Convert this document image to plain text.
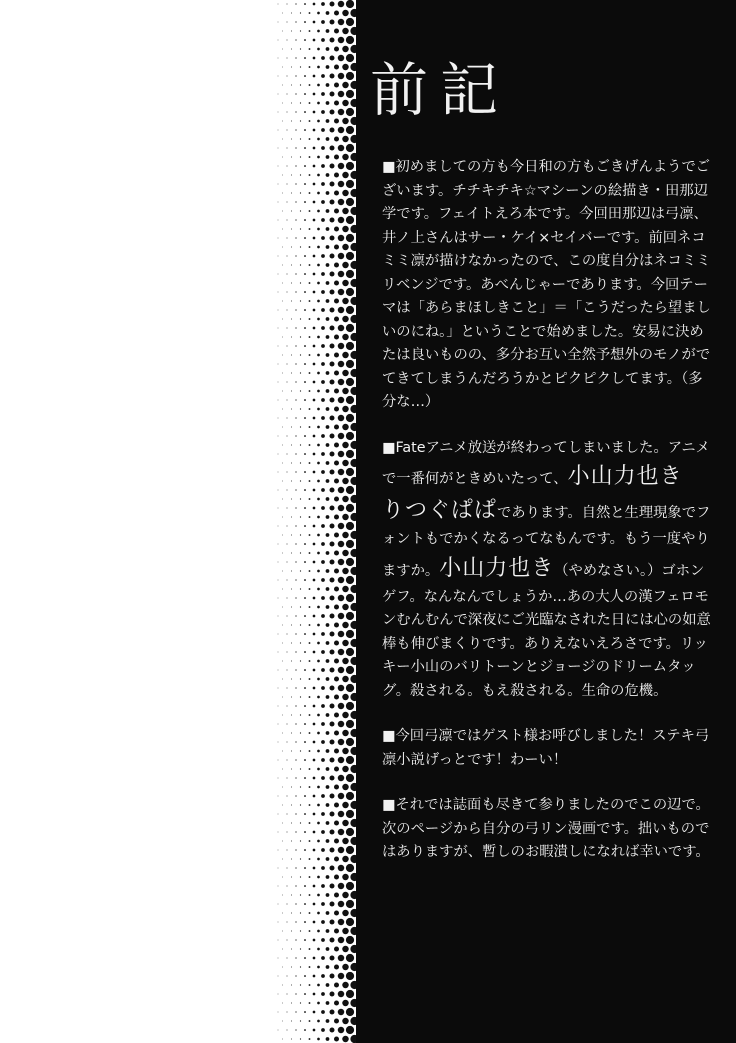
前記

■初めましての方も今日和の方もごきげんようでございます。チチキチキ☆マシーンの絵描き・田那辺学です。フェイトえろ本です。今回田那辺は弓凛、井ノ上さんはサー・ケイ×セイバーです。前回ネコミミ凛が描けなかったので、この度自分はネコミミリベンジです。あべんじゃーであります。今回テーマは「あらまほしきこと」＝「こうだったら望ましいのにね。」ということで始めました。安易に決めたは良いものの、多分お互い全然予想外のモノがでてきてしまうんだろうかとピクピクしてます。（多分な…）

■Fateアニメ放送が終わってしまいました。アニメで一番何がときめいたって、小山力也き りつぐぱぱであります。自然と生理現象でフォントもでかくなるってなもんです。もう一度やりますか。小山力也き（やめなさい。）ゴホンゲフ。なんなんでしょうか…あの大人の漢フェロモンむんむんで深夜にご光臨なされた日には心の如意棒も伸びまくりです。ありえないえろさです。リッキー小山のバリトーンとジョージのドリームタッグ。殺される。もえ殺される。生命の危機。

■今回弓凛ではゲスト様お呼びしました！ステキ弓凛小説げっとです！わーい！

■それでは誌面も尽きて参りましたのでこの辺で。次のページから自分の弓リン漫画です。拙いものではありますが、暫しのお暇潰しになれば幸いです。
